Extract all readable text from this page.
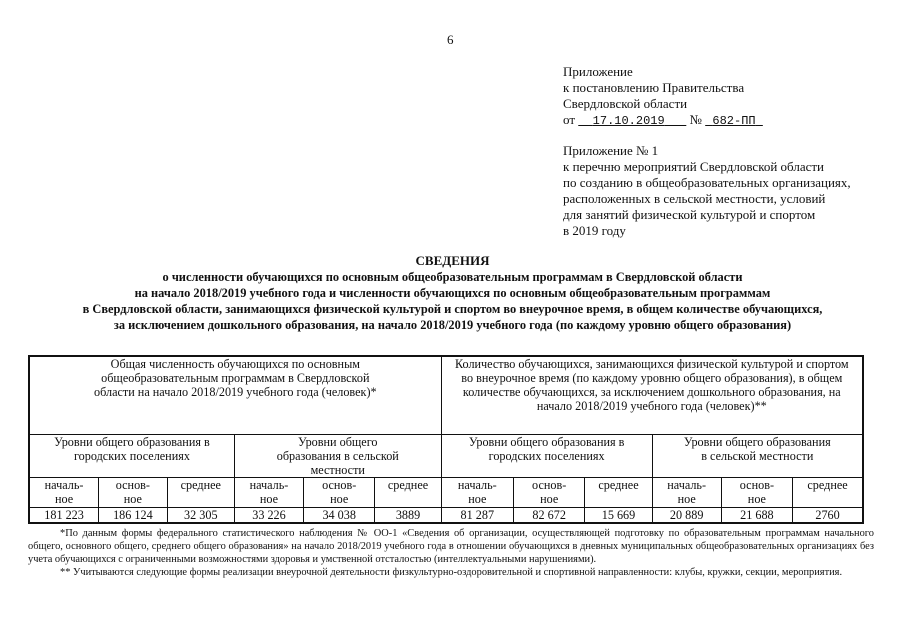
6
Приложение
к постановлению Правительства
Свердловской области
от 17.10.2019 № 682-ПП
Приложение № 1
к перечню мероприятий Свердловской области
по созданию в общеобразовательных организациях,
расположенных в сельской местности, условий
для занятий физической культурой и спортом
в 2019 году
СВЕДЕНИЯ
о численности обучающихся по основным общеобразовательным программам в Свердловской области
на начало 2018/2019 учебного года и численности обучающихся по основным общеобразовательным программам
в Свердловской области, занимающихся физической культурой и спортом во внеурочное время, в общем количестве обучающихся,
за исключением дошкольного образования, на начало 2018/2019 учебного года (по каждому уровню общего образования)
Общая численность обучающихся по основным общеобразовательным программам в Свердловской области на начало 2018/2019 учебного года (человек)*						Количество обучающихся, занимающихся физической культурой и спортом во внеурочное время (по каждому уровню общего образования), в общем количестве обучающихся, за исключением дошкольного образования, на начало 2018/2019 учебного года (человек)**					

Уровни общего образования в городских поселениях			Уровни общего образования в сельской местности			Уровни общего образования в городских поселениях			Уровни общего образования в сельской местности		

началь-ное	основ-ное	среднее	началь-ное	основ-ное	среднее	началь-ное	основ-ное	среднее	началь-ное	основ-ное	среднее
181 223	186 124	32 305	33 226	34 038	3889	81 287	82 672	15 669	20 889	21 688	2760

*По данным формы федерального статистического наблюдения № ОО-1 «Сведения об организации, осуществляющей подготовку по образовательным программам начального общего, основного общего, среднего общего образования» на начало 2018/2019 учебного года в отношении обучающихся в дневных муниципальных общеобразовательных организациях без учета обучающихся с ограниченными возможностями здоровья и умственной отсталостью (интеллектуальными нарушениями).

** Учитываются следующие формы реализации внеурочной деятельности физкультурно-оздоровительной и спортивной направленности: клубы, кружки, секции, мероприятия.
